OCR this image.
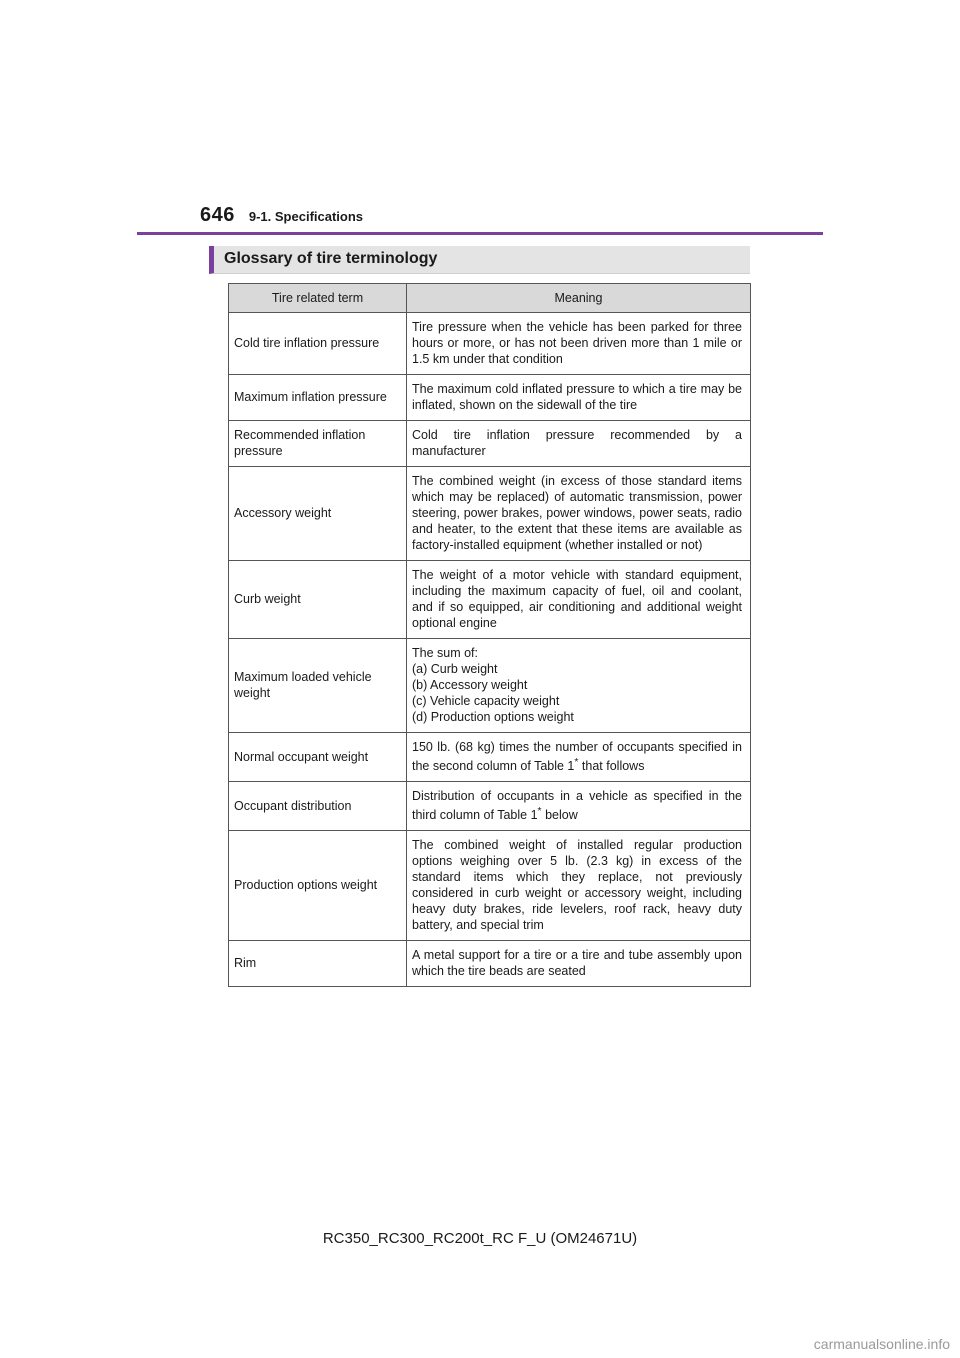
646 9-1. Specifications
Glossary of tire terminology
Tire related term	Meaning
Cold tire inflation pressure	Tire pressure when the vehicle has been parked for three hours or more, or has not been driven more than 1 mile or 1.5 km under that condition
Maximum inflation pressure	The maximum cold inflated pressure to which a tire may be inflated, shown on the sidewall of the tire
Recommended inflation pressure	Cold tire inflation pressure recommended by a manufacturer
Accessory weight	The combined weight (in excess of those standard items which may be replaced) of automatic transmission, power steering, power brakes, power windows, power seats, radio and heater, to the extent that these items are available as factory-installed equipment (whether installed or not)
Curb weight	The weight of a motor vehicle with standard equipment, including the maximum capacity of fuel, oil and coolant, and if so equipped, air conditioning and additional weight optional engine
Maximum loaded vehicle weight	The sum of:
(a) Curb weight
(b) Accessory weight
(c) Vehicle capacity weight
(d) Production options weight

Normal occupant weight	150 lb. (68 kg) times the number of occupants specified in the second column of Table 1* that follows
Occupant distribution	Distribution of occupants in a vehicle as specified in the third column of Table 1* below
Production options weight	The combined weight of installed regular production options weighing over 5 lb. (2.3 kg) in excess of the standard items which they replace, not previously considered in curb weight or accessory weight, including heavy duty brakes, ride levelers, roof rack, heavy duty battery, and special trim
Rim	A metal support for a tire or a tire and tube assembly upon which the tire beads are seated
RC350_RC300_RC200t_RC F_U (OM24671U)
carmanualsonline.info
